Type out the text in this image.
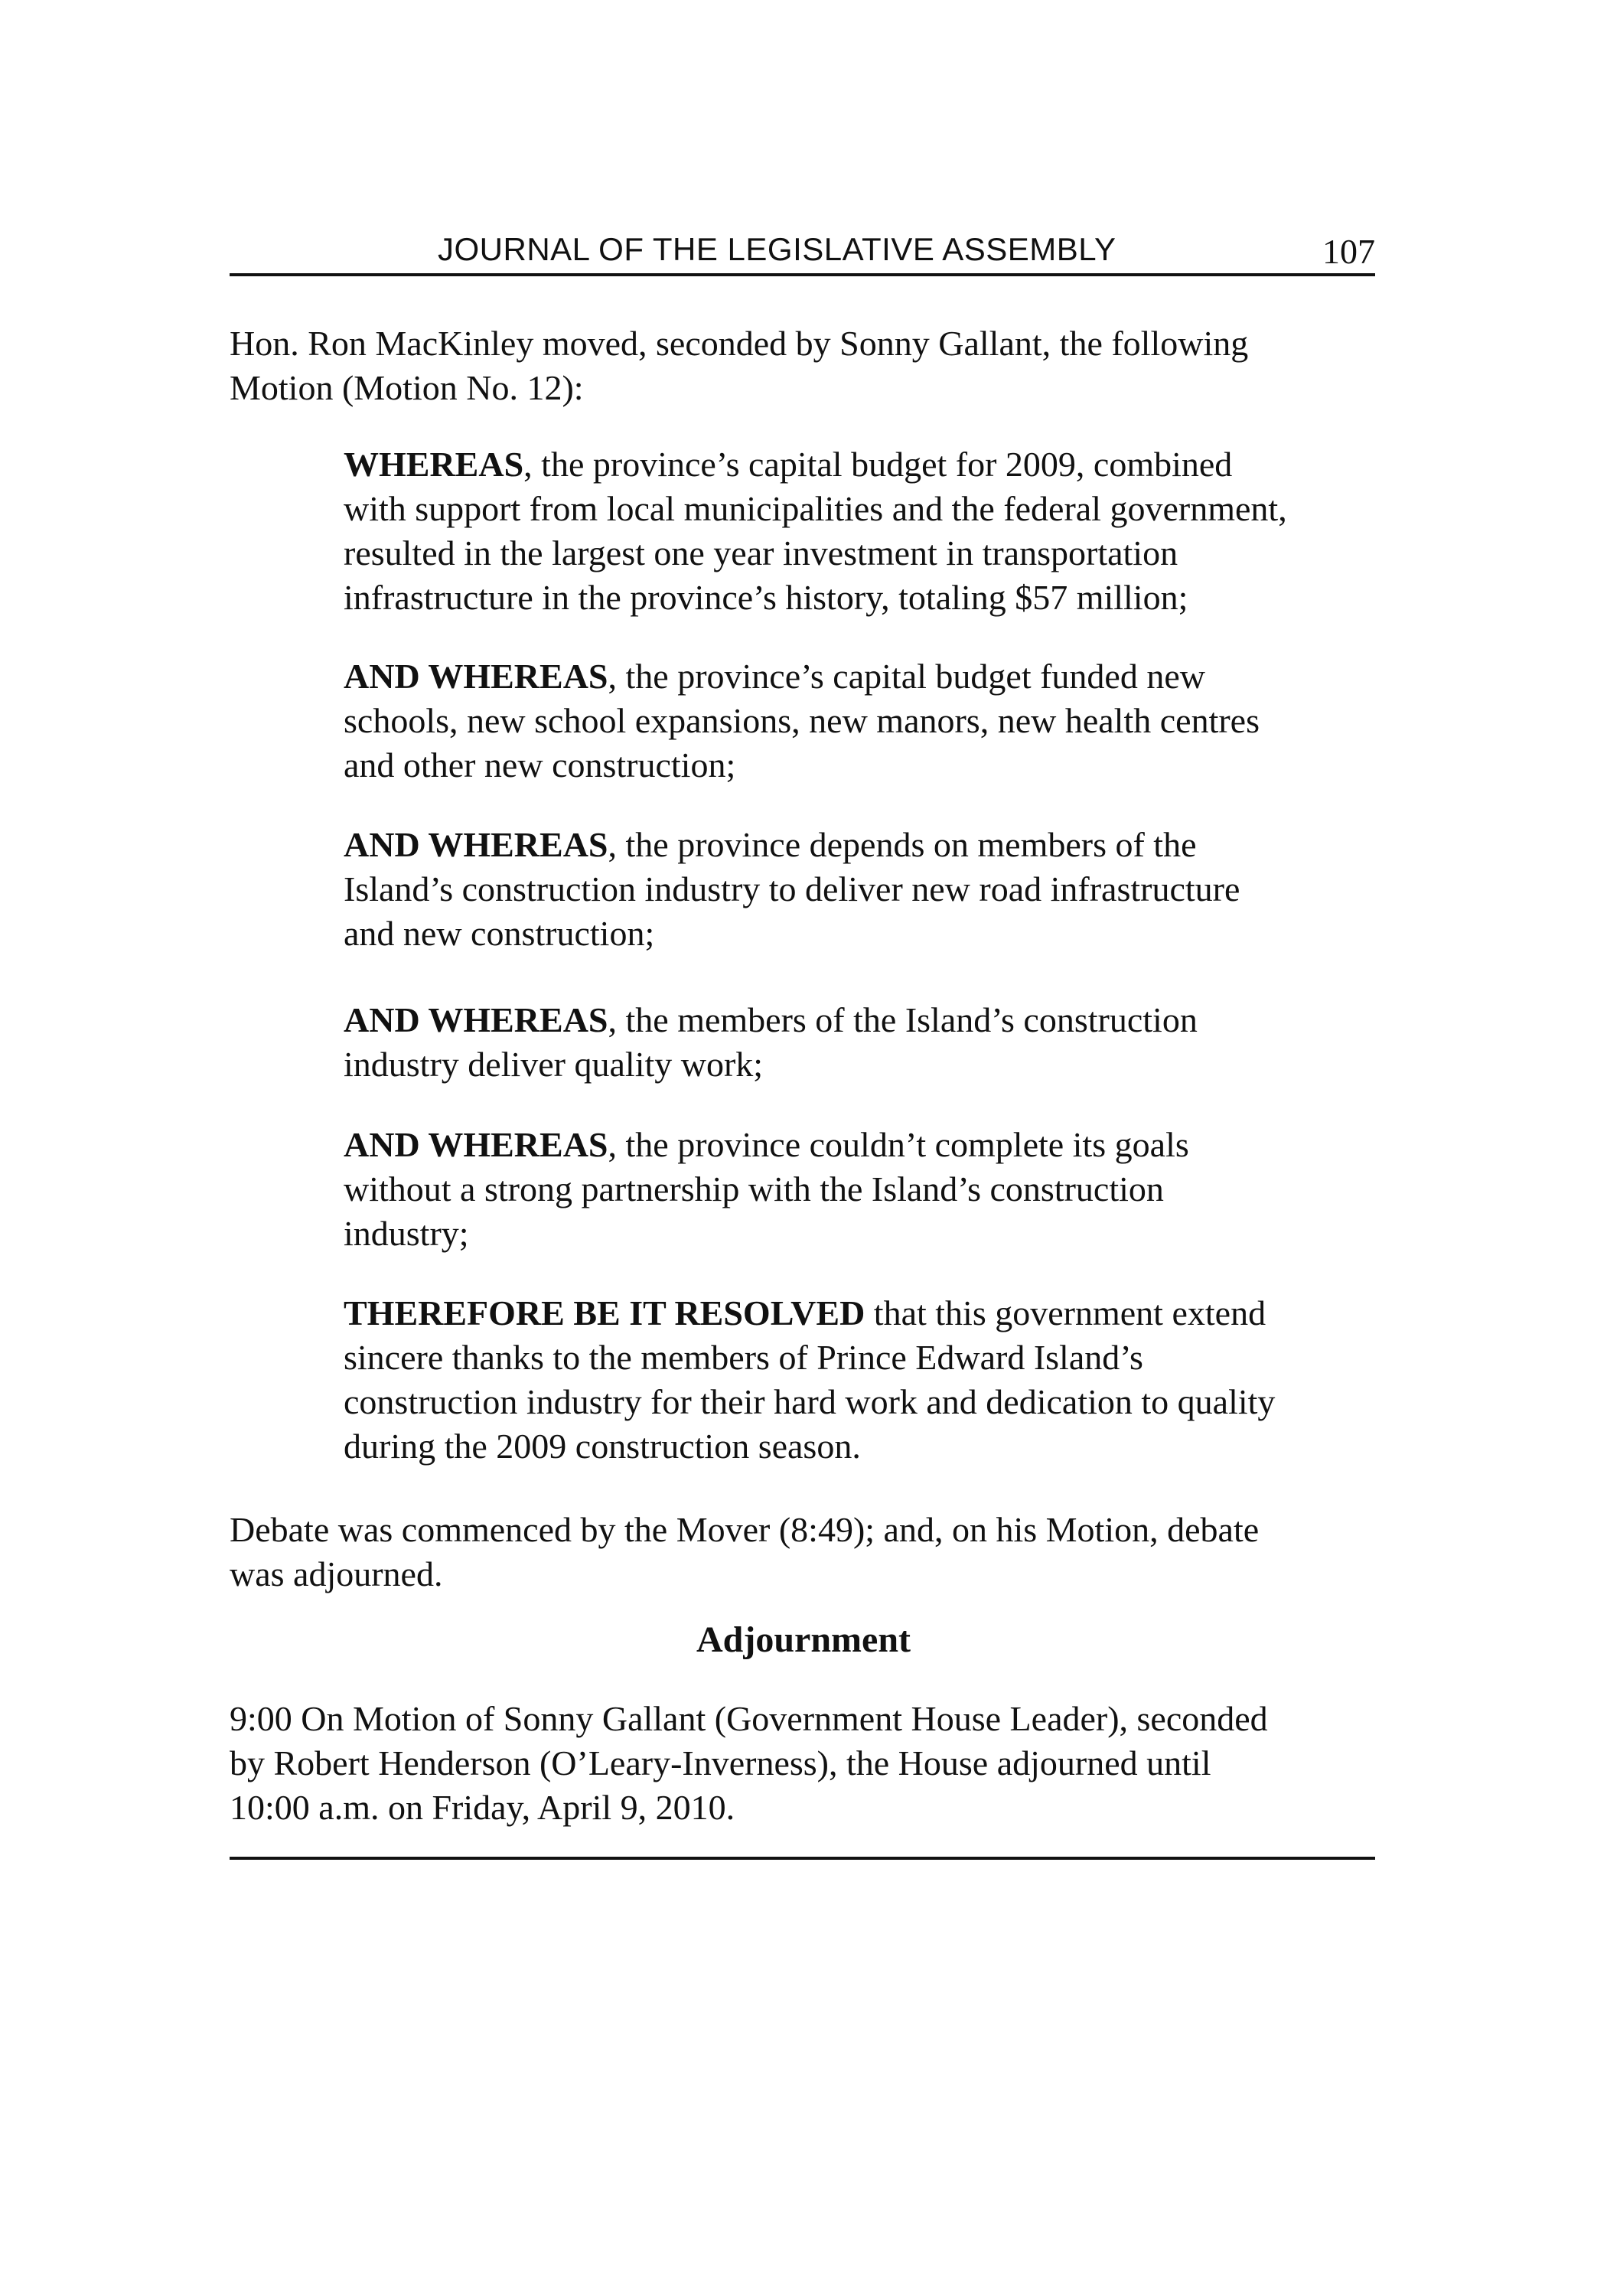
JOURNAL OF THE LEGISLATIVE ASSEMBLY	107

Hon. Ron MacKinley moved, seconded by Sonny Gallant, the following
Motion (Motion No. 12):

WHEREAS, the province’s capital budget for 2009, combined
with support from local municipalities and the federal government,
resulted in the largest one year investment in transportation
infrastructure in the province’s history, totaling $57 million;

AND WHEREAS, the province’s capital budget funded new
schools, new school expansions, new manors, new health centres
and other new construction;

AND WHEREAS, the province depends on members of the
Island’s construction industry to deliver new road infrastructure
and new construction;

AND WHEREAS, the members of the Island’s construction
industry deliver quality work;

AND WHEREAS, the province couldn’t complete its goals
without a strong partnership with the Island’s construction
industry;

THEREFORE BE IT RESOLVED that this government extend
sincere thanks to the members of Prince Edward Island’s
construction industry for their hard work and dedication to quality
during the 2009 construction season.

Debate was commenced by the Mover (8:49); and, on his Motion, debate
was adjourned.

Adjournment

9:00 On Motion of Sonny Gallant (Government House Leader), seconded
by Robert Henderson (O’Leary-Inverness), the House adjourned until
10:00 a.m. on Friday, April 9, 2010.
